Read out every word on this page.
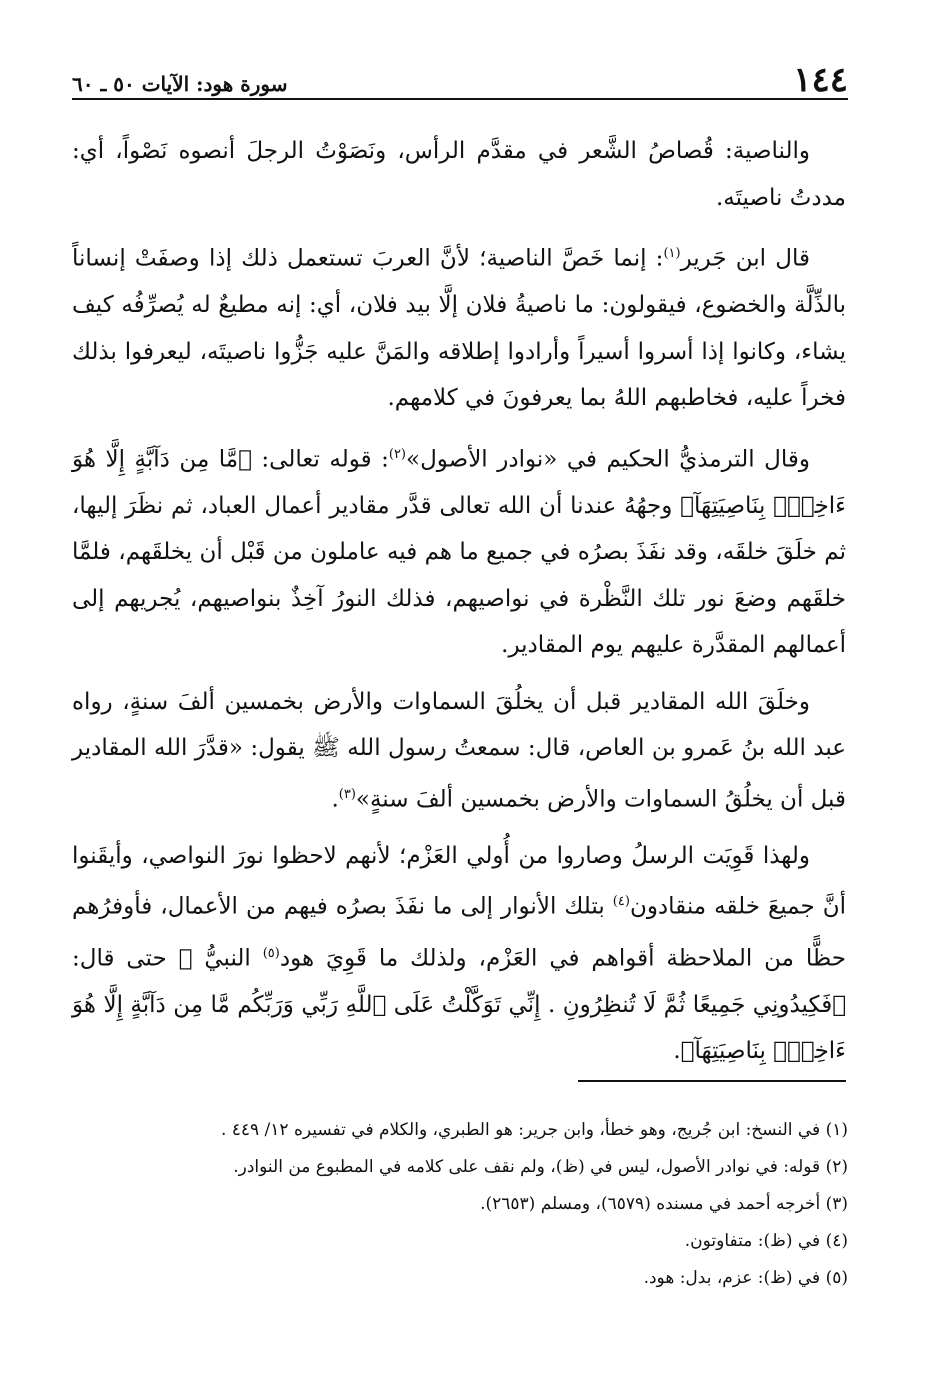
١٤٤
سورة هود: الآيات ٥٠ ـ ٦٠

والناصية: قُصاصُ الشَّعر في مقدَّم الرأس، ونَصَوْتُ الرجلَ أنصوه نَصْواً، أي: مددتُ ناصيتَه.

قال ابن جَرير$^{(١)}$: إنما خَصَّ الناصية؛ لأنَّ العربَ تستعمل ذلك إذا وصفَتْ إنساناً بالذِّلَّة والخضوع، فيقولون: ما ناصيةُ فلان إلَّا بيد فلان، أي: إنه مطيعٌ له يُصرِّفُه كيف يشاء، وكانوا إذا أسروا أسيراً وأرادوا إطلاقه والمَنَّ عليه جَزُّوا ناصيتَه، ليعرفوا بذلك فخراً عليه، فخاطبهم اللهُ بما يعرفونَ في كلامهم.

وقال الترمذيُّ الحكيم في «نوادر الأصول»$^{(٢)}$: قوله تعالى: ﴿مَّا مِن دَآبَّةٍ إِلَّا هُوَ ءَاخِذٌۢ بِنَاصِيَتِهَآ﴾ وجهُهُ عندنا أن الله تعالى قدَّر مقادير أعمال العباد، ثم نظَرَ إليها، ثم خلَقَ خلقَه، وقد نفَذَ بصرُه في جميع ما هم فيه عاملون من قَبْل أن يخلقَهم، فلمَّا خلقَهم وضعَ نور تلك النَّظْرة في نواصيهم، فذلك النورُ آخِذٌ بنواصيهم، يُجريهم إلى أعمالهم المقدَّرة عليهم يوم المقادير.

وخلَقَ الله المقادير قبل أن يخلُقَ السماوات والأرض بخمسين ألفَ سنةٍ، رواه عبد الله بنُ عَمرو بن العاص، قال: سمعتُ رسول الله ﷺ يقول: «قدَّرَ الله المقادير قبل أن يخلُقُ السماوات والأرض بخمسين ألفَ سنةٍ»$^{(٣)}$.

ولهذا قَوِيَت الرسلُ وصاروا من أُولي العَزْم؛ لأنهم لاحظوا نورَ النواصي، وأيقَنوا أنَّ جميعَ خلقه منقادون$^{(٤)}$ بتلك الأنوار إلى ما نفَذَ بصرُه فيهم من الأعمال، فأوفرُهم حظًّا من الملاحظة أقواهم في العَزْم، ولذلك ما قَوِيَ هود$^{(٥)}$ النبيُّ ﷺ حتى قال: ﴿فَكِيدُونِي جَمِيعًا ثُمَّ لَا تُنظِرُونِ . إِنِّي تَوَكَّلْتُ عَلَى ٱللَّهِ رَبِّي وَرَبِّكُم مَّا مِن دَآبَّةٍ إِلَّا هُوَ ءَاخِذٌۢ بِنَاصِيَتِهَآ﴾.

(١) في النسخ: ابن جُريج، وهو خطأ، وابن جرير: هو الطبري، والكلام في تفسيره ١٢/ ٤٤٩ .

(٢) قوله: في نوادر الأصول، ليس في (ظ)، ولم نقف على كلامه في المطبوع من النوادر.

(٣) أخرجه أحمد في مسنده (٦٥٧٩)، ومسلم (٢٦٥٣).

(٤) في (ظ): متفاوتون.

(٥) في (ظ): عزم، بدل: هود.
